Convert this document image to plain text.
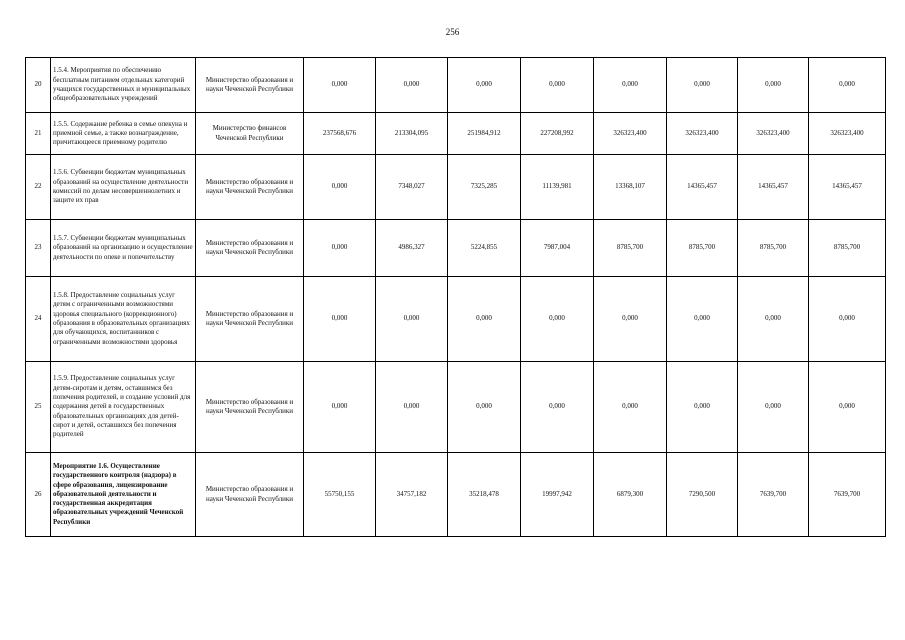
256
20	1.5.4. Мероприятия по обеспечению бесплатным питанием отдельных категорий учащихся государственных и муниципальных общеобразовательных учреждений	Министерство образования и науки Чеченской Республики	0,000	0,000	0,000	0,000	0,000	0,000	0,000	0,000
21	1.5.5. Содержание ребенка в семье опекуна и приемной семье, а также вознаграждение, причитающееся приемному родителю	Министерство финансов Чеченской Республики	237568,676	213304,095	251984,912	227208,992	326323,400	326323,400	326323,400	326323,400
22	1.5.6. Субвенции бюджетам муниципальных образований на осуществление деятельности комиссий по делам несовершеннолетних и защите их прав	Министерство образования и науки Чеченской Республики	0,000	7348,027	7325,285	11139,981	13368,107	14365,457	14365,457	14365,457
23	1.5.7. Субвенции бюджетам муниципальных образований на организацию и осуществление деятельности по опеке и попечительству	Министерство образования и науки Чеченской Республики	0,000	4986,327	5224,855	7987,004	8785,700	8785,700	8785,700	8785,700
24	1.5.8. Предоставление социальных услуг детям с ограниченными возможностями здоровья специального (коррекционного) образования в образовательных организациях для обучающихся, воспитанников с ограниченными возможностями здоровья	Министерство образования и науки Чеченской Республики	0,000	0,000	0,000	0,000	0,000	0,000	0,000	0,000
25	1.5.9. Предоставление социальных услуг детям-сиротам и детям, оставшимся без попечения родителей, и создание условий для содержания детей в государственных образовательных организациях для детей-сирот и детей, оставшихся без попечения родителей	Министерство образования и науки Чеченской Республики	0,000	0,000	0,000	0,000	0,000	0,000	0,000	0,000
26	Мероприятие 1.6. Осуществление государственного контроля (надзора) в сфере образования, лицензирование образовательной деятельности и государственная аккредитация образовательных учреждений Чеченской Республики	Министерство образования и науки Чеченской Республики	55750,155	34757,182	35218,478	19997,942	6879,300	7290,500	7639,700	7639,700
